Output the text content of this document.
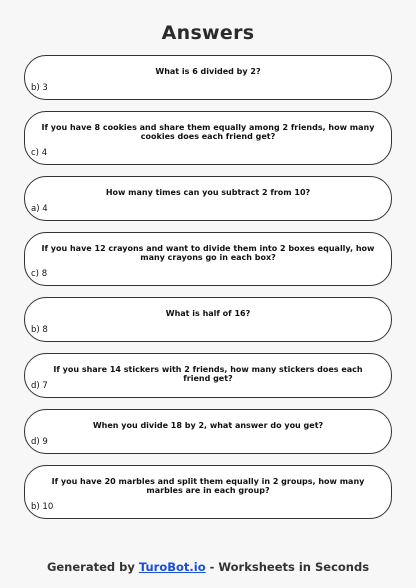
Answers
What is 6 divided by 2?
b) 3
If you have 8 cookies and share them equally among 2 friends, how many cookies does each friend get?
c) 4
How many times can you subtract 2 from 10?
a) 4
If you have 12 crayons and want to divide them into 2 boxes equally, how many crayons go in each box?
c) 8
What is half of 16?
b) 8
If you share 14 stickers with 2 friends, how many stickers does each friend get?
d) 7
When you divide 18 by 2, what answer do you get?
d) 9
If you have 20 marbles and split them equally in 2 groups, how many marbles are in each group?
b) 10
Generated by TuroBot.io - Worksheets in Seconds
